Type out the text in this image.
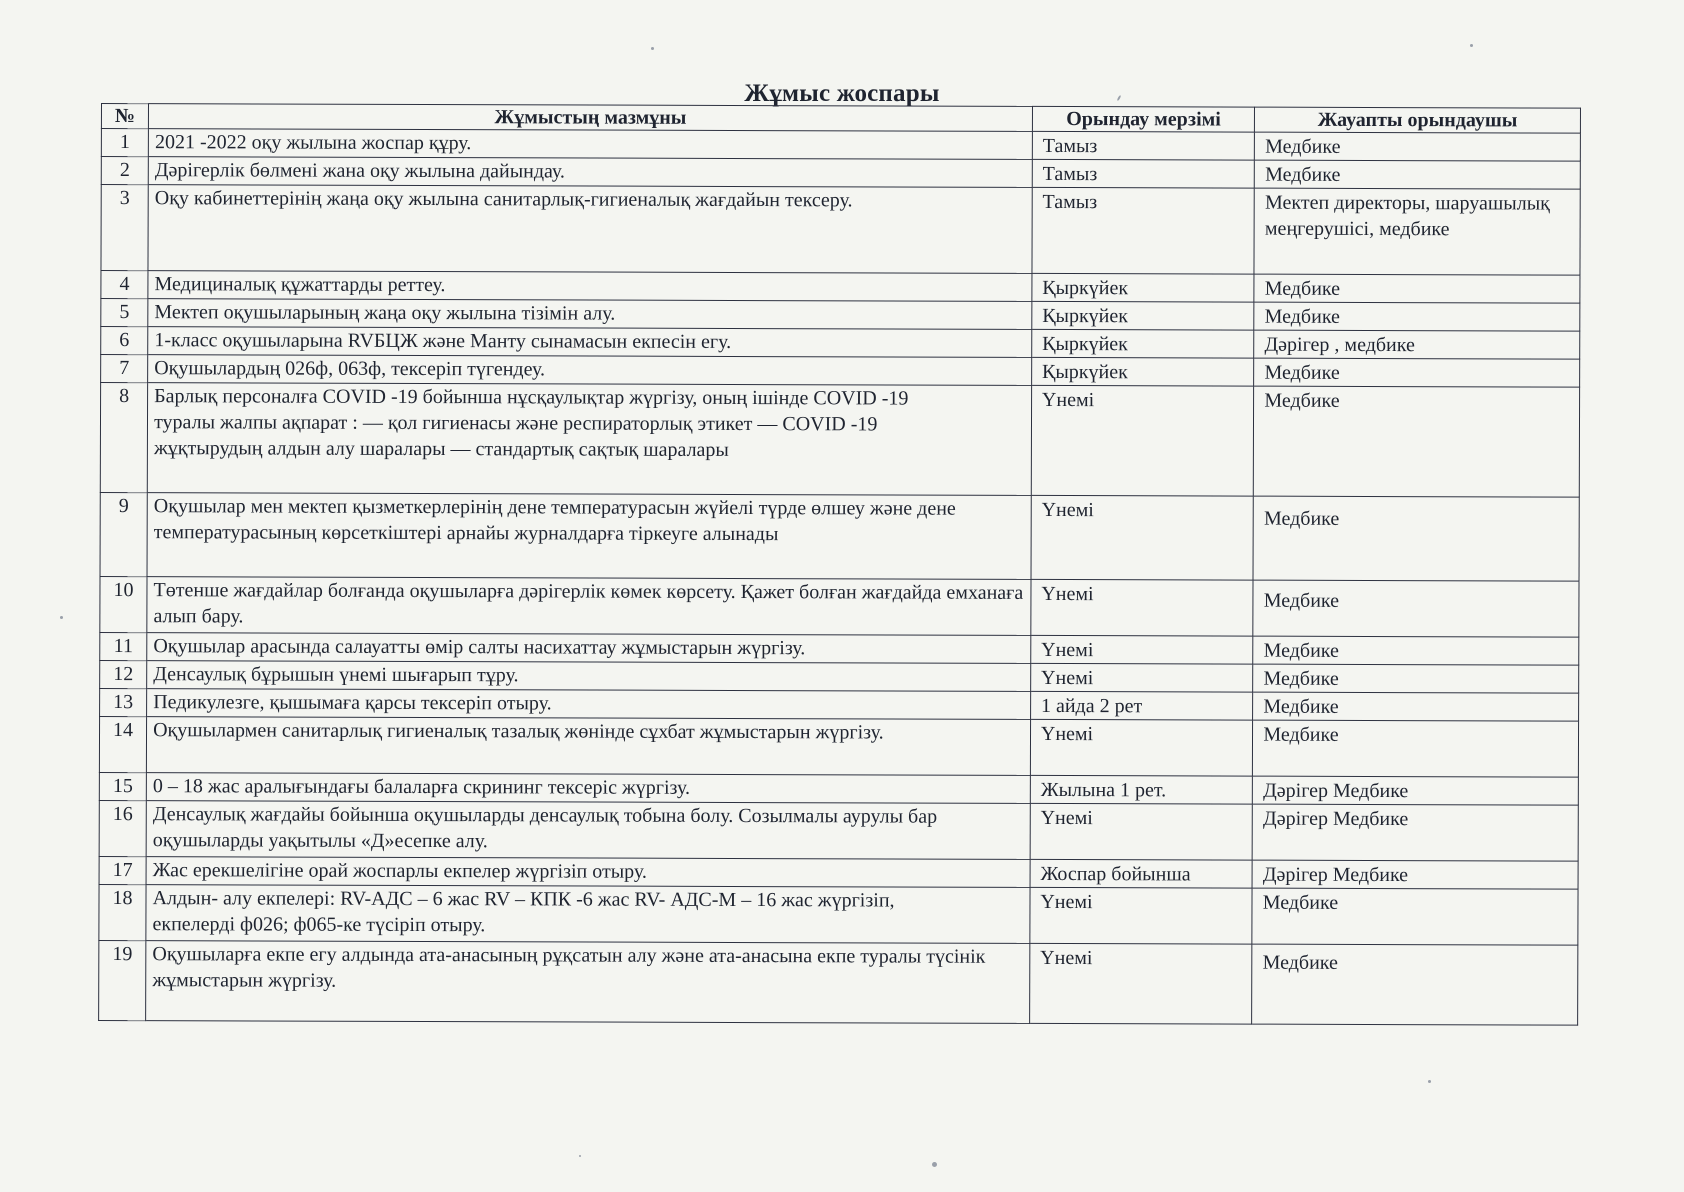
Жұмыс жоспары
№	Жұмыстың мазмұны	Орындау мерзімі	Жауапты орындаушы
1	2021 -2022 оқу жылына жоспар құру.	Тамыз	Медбике
2	Дәрігерлік бөлмені жана оқу жылына дайындау.	Тамыз	Медбике
3	Оқу кабинеттерінің жаңа оқу жылына санитарлық-гигиеналық жағдайын тексеру.	Тамыз	Мектеп директоры, шаруашылық меңгерушісі, медбике
4	Медициналық құжаттарды реттеу.	Қыркүйек	Медбике
5	Мектеп оқушыларының жаңа оқу жылына тізімін алу.	Қыркүйек	Медбике
6	1-класс оқушыларына RVБЦЖ және Манту сынамасын екпесін егу.	Қыркүйек	Дәрігер , медбике
7	Оқушылардың 026ф, 063ф, тексеріп түгендеу.	Қыркүйек	Медбике
8	Барлық персоналға COVID -19 бойынша нұсқаулықтар жүргізу, оның ішінде COVID -19 туралы жалпы ақпарат : — қол гигиенасы және респираторлық этикет — COVID -19 жұқтырудың алдын алу шаралары — стандартық сақтық шаралары	Үнемі	Медбике
9	Оқушылар мен мектеп қызметкерлерінің дене температурасын жүйелі түрде өлшеу және дене температурасының көрсеткіштері арнайы журналдарға тіркеуге алынады	Үнемі	Медбике
10	Төтенше жағдайлар болғанда оқушыларға дәрігерлік көмек көрсету. Қажет болған жағдайда емханаға алып бару.	Үнемі	Медбике
11	Оқушылар арасында салауатты өмір салты насихаттау жұмыстарын жүргізу.	Үнемі	Медбике
12	Денсаулық бұрышын үнемі шығарып тұру.	Үнемі	Медбике
13	Педикулезге, қышымаға қарсы тексеріп отыру.	1 айда 2 рет	Медбике
14	Оқушылармен санитарлық гигиеналық тазалық жөнінде сұхбат жұмыстарын жүргізу.	Үнемі	Медбике
15	0 – 18 жас аралығындағы балаларға скрининг тексеріс жүргізу.	Жылына 1 рет.	Дәрігер Медбике
16	Денсаулық жағдайы бойынша оқушыларды денсаулық тобына болу. Созылмалы аурулы бар оқушыларды уақытылы «Д»есепке алу.	Үнемі	Дәрігер Медбике
17	Жас ерекшелігіне орай жоспарлы екпелер жүргізіп отыру.	Жоспар бойынша	Дәрігер Медбике
18	Алдын- алу екпелері: RV-АДС – 6 жас RV – КПК -6 жас RV- АДС-М – 16 жас жүргізіп, екпелерді ф026; ф065-ке түсіріп отыру.	Үнемі	Медбике
19	Оқушыларға екпе егу алдында ата-анасының рұқсатын алу және ата-анасына екпе туралы түсінік жұмыстарын жүргізу.	Үнемі	Медбике
